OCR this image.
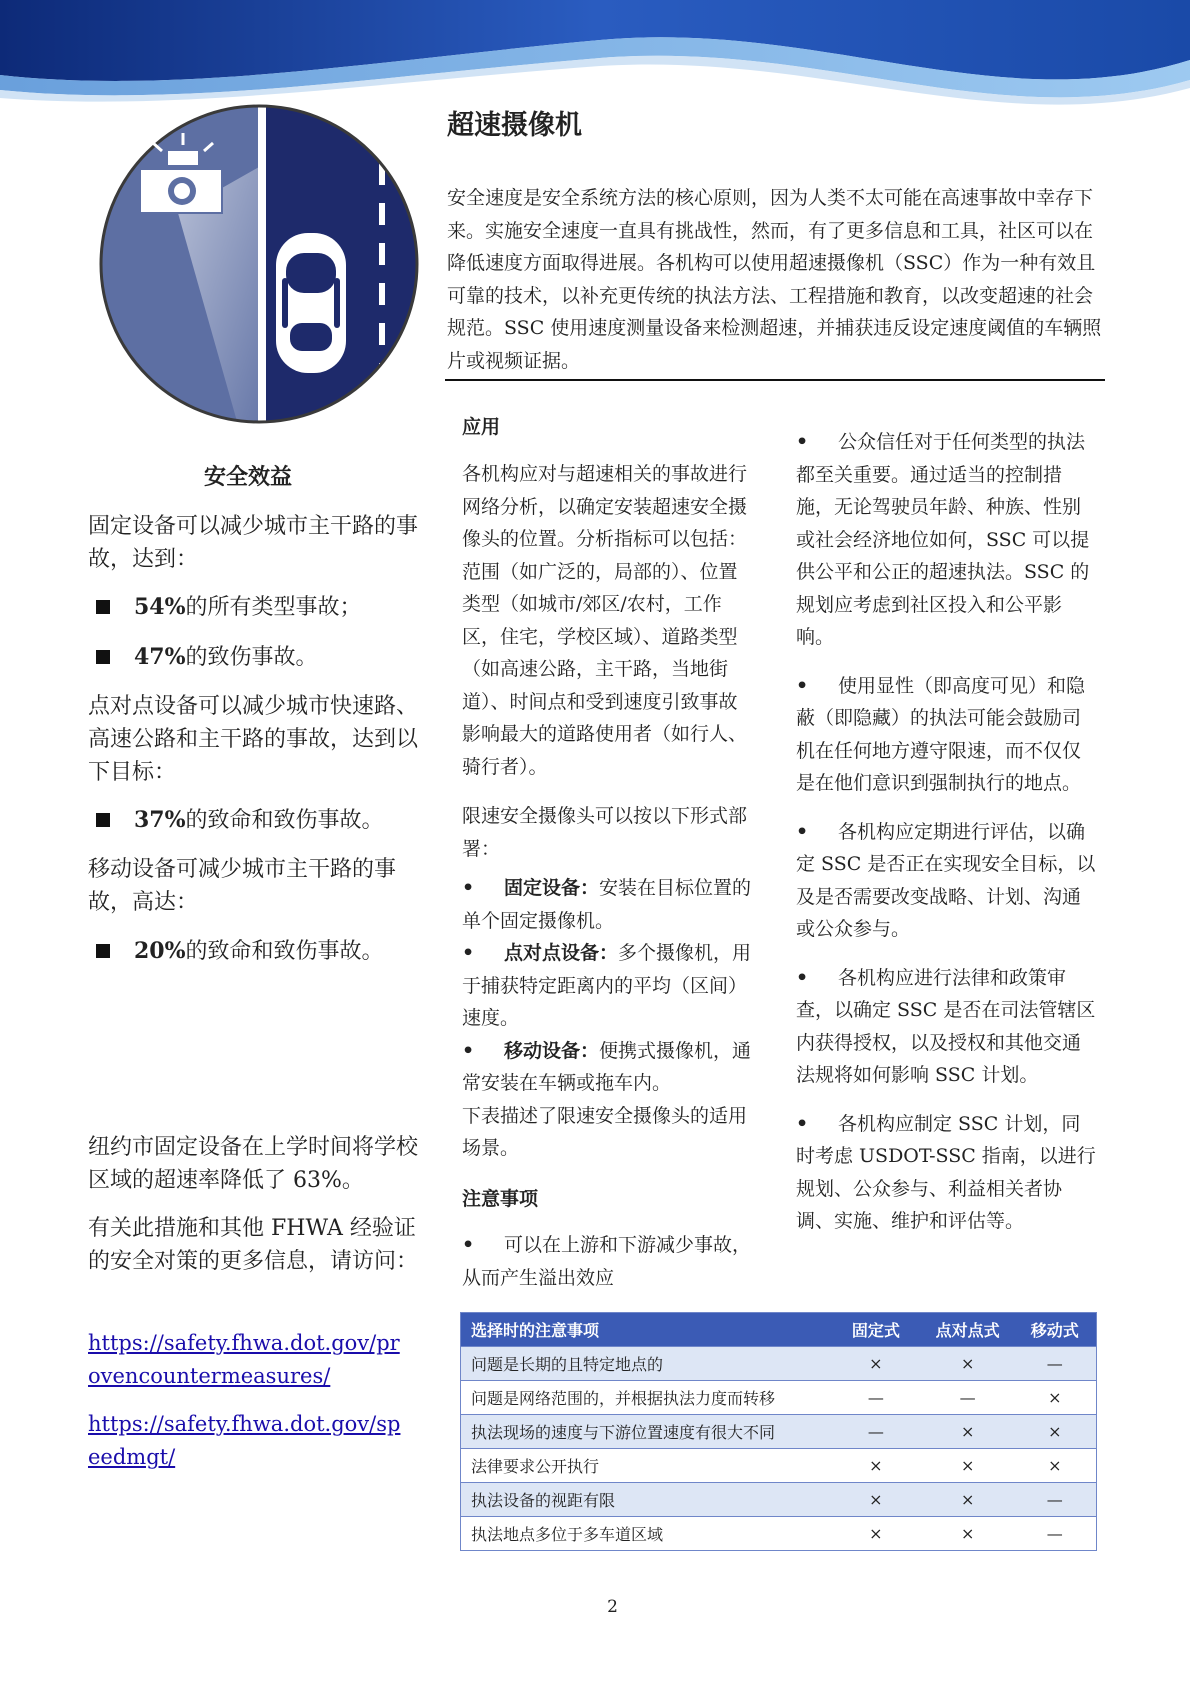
超速摄像机
安全速度是安全系统方法的核心原则，因为人类不太可能在高速事故中幸存下来。实施安全速度一直具有挑战性，然而，有了更多信息和工具，社区可以在降低速度方面取得进展。各机构可以使用超速摄像机（SSC）作为一种有效且可靠的技术，以补充更传统的执法方法、工程措施和教育，以改变超速的社会规范。SSC 使用速度测量设备来检测超速，并捕获违反设定速度阈值的车辆照片或视频证据。
安全效益
固定设备可以减少城市主干路的事故，达到：
54%的所有类型事故；
47%的致伤事故。
点对点设备可以减少城市快速路、高速公路和主干路的事故，达到以下目标：
37%的致命和致伤事故。
移动设备可减少城市主干路的事故，高达：
20%的致命和致伤事故。
纽约市固定设备在上学时间将学校区域的超速率降低了 63%。
有关此措施和其他 FHWA 经验证的安全对策的更多信息，请访问：
https://safety.fhwa.dot.gov/provencountermeasures/
https://safety.fhwa.dot.gov/speedmgt/
应用
各机构应对与超速相关的事故进行网络分析，以确定安装超速安全摄像头的位置。分析指标可以包括：范围（如广泛的，局部的）、位置类型（如城市/郊区/农村，工作区，住宅，学校区域）、道路类型（如高速公路，主干路，当地街道）、时间点和受到速度引致事故影响最大的道路使用者（如行人、骑行者）。
限速安全摄像头可以按以下形式部署：
• 固定设备：安装在目标位置的单个固定摄像机。
• 点对点设备：多个摄像机，用于捕获特定距离内的平均（区间）速度。
• 移动设备：便携式摄像机，通常安装在车辆或拖车内。
下表描述了限速安全摄像头的适用场景。
注意事项
• 可以在上游和下游减少事故，从而产生溢出效应
• 公众信任对于任何类型的执法都至关重要。通过适当的控制措施，无论驾驶员年龄、种族、性别或社会经济地位如何，SSC 可以提供公平和公正的超速执法。SSC 的规划应考虑到社区投入和公平影响。
• 使用显性（即高度可见）和隐蔽（即隐藏）的执法可能会鼓励司机在任何地方遵守限速，而不仅仅是在他们意识到强制执行的地点。
• 各机构应定期进行评估，以确定 SSC 是否正在实现安全目标，以及是否需要改变战略、计划、沟通或公众参与。
• 各机构应进行法律和政策审查，以确定 SSC 是否在司法管辖区内获得授权，以及授权和其他交通法规将如何影响 SSC 计划。
• 各机构应制定 SSC 计划，同时考虑 USDOT-SSC 指南，以进行规划、公众参与、利益相关者协调、实施、维护和评估等。
选择时的注意事项	固定式	点对点式	移动式
问题是长期的且特定地点的	×	×	—
问题是网络范围的，并根据执法力度而转移	—	—	×
执法现场的速度与下游位置速度有很大不同	—	×	×
法律要求公开执行	×	×	×
执法设备的视距有限	×	×	—
执法地点多位于多车道区域	×	×	—
2
